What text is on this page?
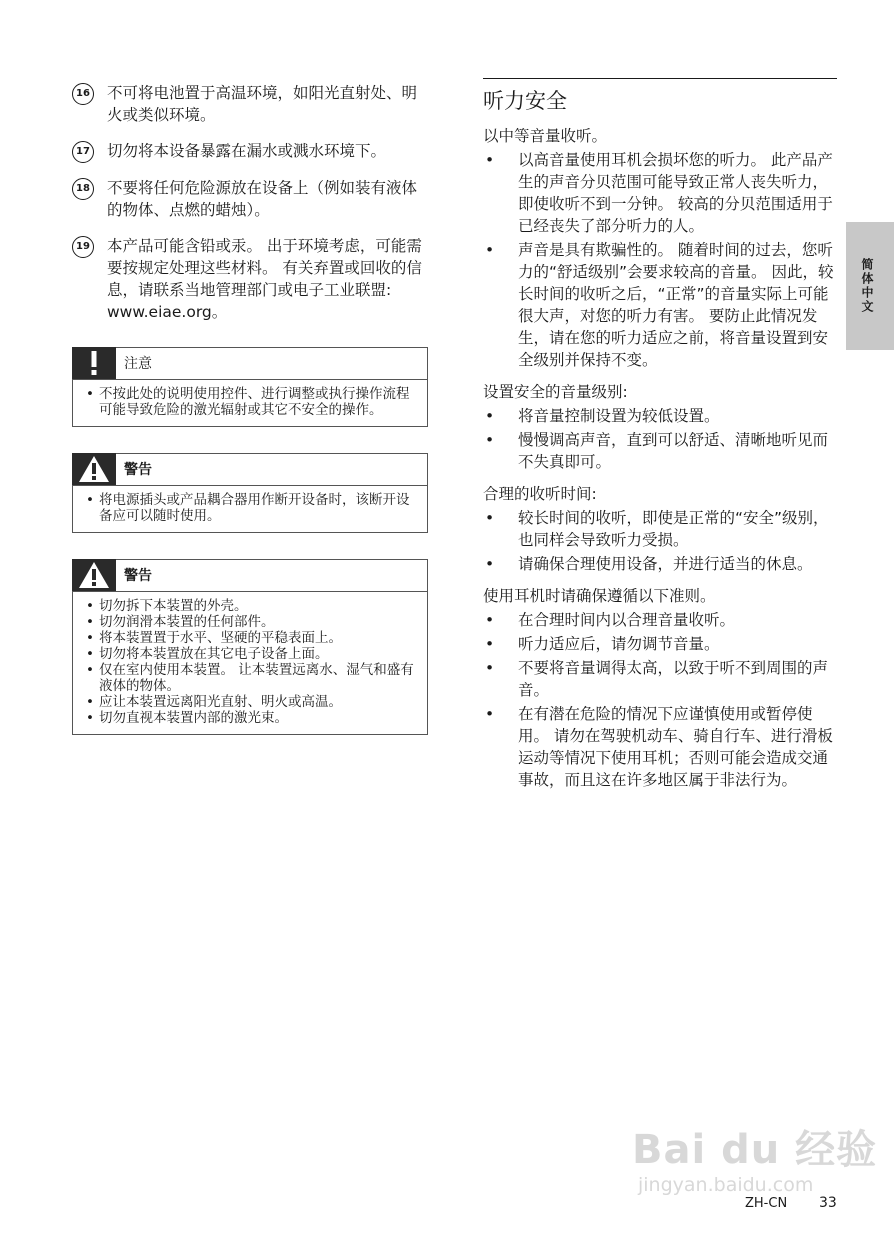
16 不可将电池置于高温环境，如阳光直射处、明火或类似环境。
17 切勿将本设备暴露在漏水或溅水环境下。
18 不要将任何危险源放在设备上（例如装有液体的物体、点燃的蜡烛）。
19 本产品可能含铅或汞。 出于环境考虑，可能需要按规定处理这些材料。 有关弃置或回收的信息，请联系当地管理部门或电子工业联盟: www.eiae.org。
注意
• 不按此处的说明使用控件、进行调整或执行操作流程可能导致危险的激光辐射或其它不安全的操作。
警告
• 将电源插头或产品耦合器用作断开设备时，该断开设备应可以随时使用。
警告
• 切勿拆下本装置的外壳。
• 切勿润滑本装置的任何部件。
• 将本装置置于水平、坚硬的平稳表面上。
• 切勿将本装置放在其它电子设备上面。
• 仅在室内使用本装置。 让本装置远离水、湿气和盛有液体的物体。
• 应让本装置远离阳光直射、明火或高温。
• 切勿直视本装置内部的激光束。
听力安全
以中等音量收听。
• 以高音量使用耳机会损坏您的听力。 此产品产生的声音分贝范围可能导致正常人丧失听力，即使收听不到一分钟。 较高的分贝范围适用于已经丧失了部分听力的人。
• 声音是具有欺骗性的。 随着时间的过去，您听力的“舒适级别”会要求较高的音量。 因此，较长时间的收听之后，“正常”的音量实际上可能很大声，对您的听力有害。 要防止此情况发生，请在您的听力适应之前，将音量设置到安全级别并保持不变。
设置安全的音量级别:
• 将音量控制设置为较低设置。
• 慢慢调高声音，直到可以舒适、清晰地听见而不失真即可。
合理的收听时间:
• 较长时间的收听，即使是正常的“安全”级别，也同样会导致听力受损。
• 请确保合理使用设备，并进行适当的休息。
使用耳机时请确保遵循以下准则。
• 在合理时间内以合理音量收听。
• 听力适应后，请勿调节音量。
• 不要将音量调得太高，以致于听不到周围的声音。
• 在有潜在危险的情况下应谨慎使用或暂停使用。 请勿在驾驶机动车、骑自行车、进行滑板运动等情况下使用耳机；否则可能会造成交通事故，而且这在许多地区属于非法行为。
简体中文
Bai du 经验
jingyan.baidu.com
ZH-CN 33
